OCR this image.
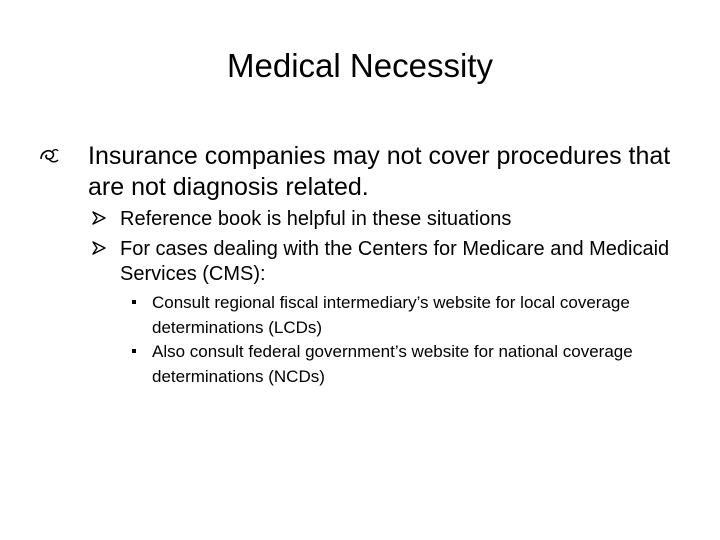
Medical Necessity
Insurance companies may not cover procedures that are not diagnosis related.
Reference book is helpful in these situations
For cases dealing with the Centers for Medicare and Medicaid Services (CMS):
Consult regional fiscal intermediary’s website for local coverage determinations (LCDs)
Also consult federal government’s website for national coverage determinations (NCDs)
